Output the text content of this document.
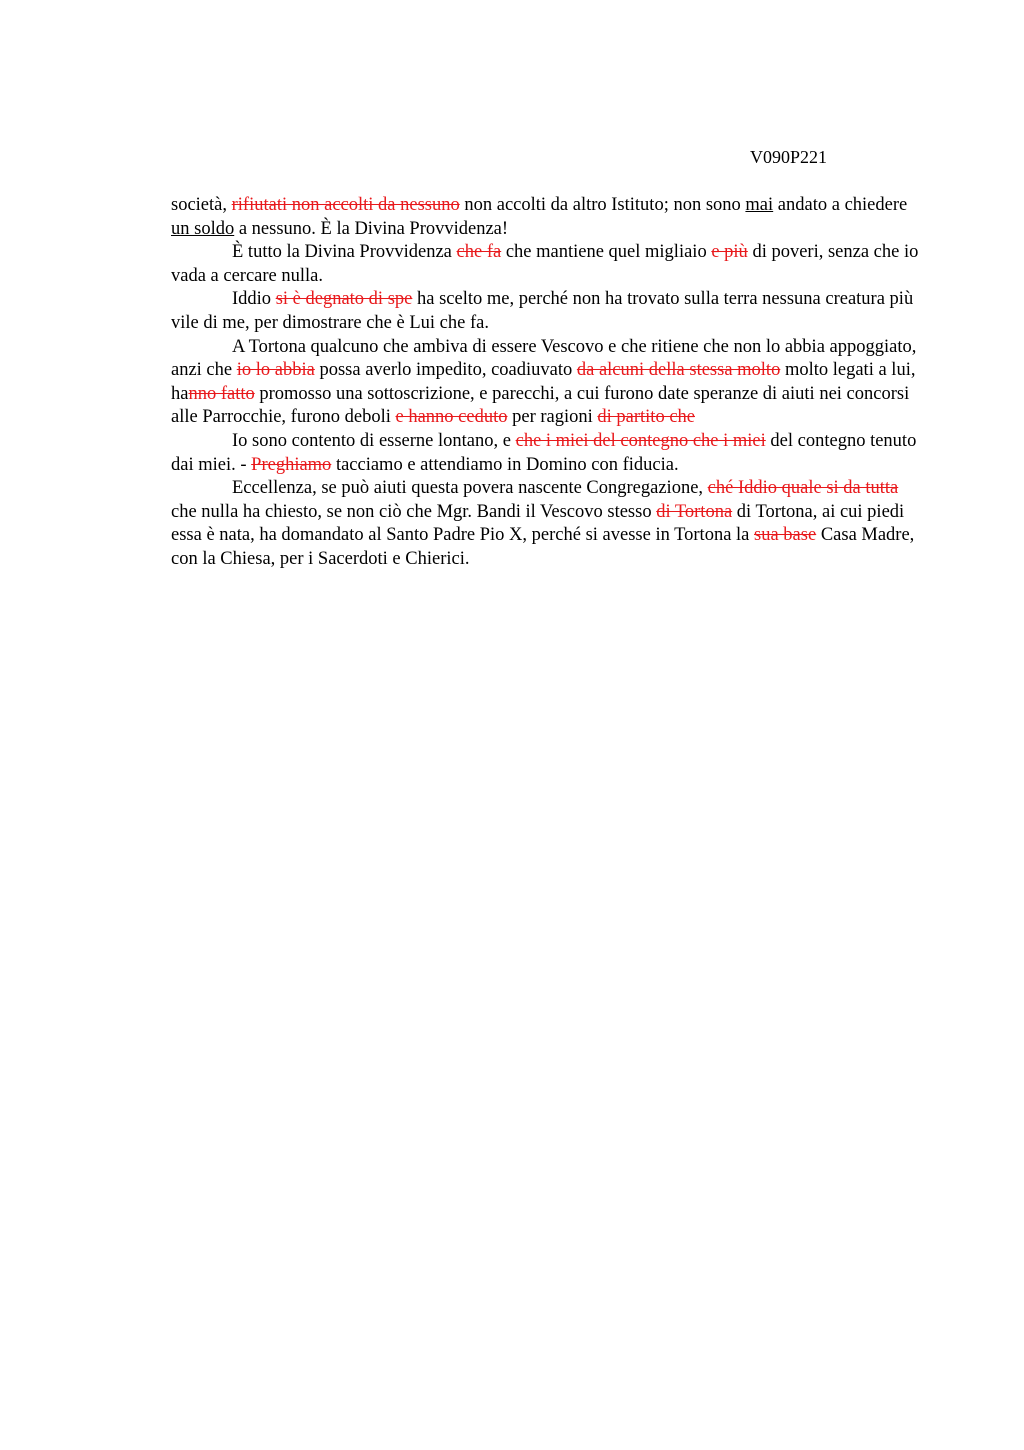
V090P221

società, rifiutati non accolti da nessuno non accolti da altro Istituto; non sono mai andato a chiedere un soldo a nessuno. È la Divina Provvidenza!

È tutto la Divina Provvidenza che fa che mantiene quel migliaio e più di poveri, senza che io vada a cercare nulla.

Iddio si è degnato di spe ha scelto me, perché non ha trovato sulla terra nessuna creatura più vile di me, per dimostrare che è Lui che fa.

A Tortona qualcuno che ambiva di essere Vescovo e che ritiene che non lo abbia appoggiato, anzi che io lo abbia possa averlo impedito, coadiuvato da alcuni della stessa molto molto legati a lui, hanno fatto promosso una sottoscrizione, e parecchi, a cui furono date speranze di aiuti nei concorsi alle Parrocchie, furono deboli e hanno ceduto per ragioni di partito che

Io sono contento di esserne lontano, e che i miei del contegno che i miei del contegno tenuto dai miei. - Preghiamo tacciamo e attendiamo in Domino con fiducia.

Eccellenza, se può aiuti questa povera nascente Congregazione, ché Iddio quale si da tutta che nulla ha chiesto, se non ciò che Mgr. Bandi il Vescovo stesso di Tortona di Tortona, ai cui piedi essa è nata, ha domandato al Santo Padre Pio X, perché si avesse in Tortona la sua base Casa Madre, con la Chiesa, per i Sacerdoti e Chierici.
